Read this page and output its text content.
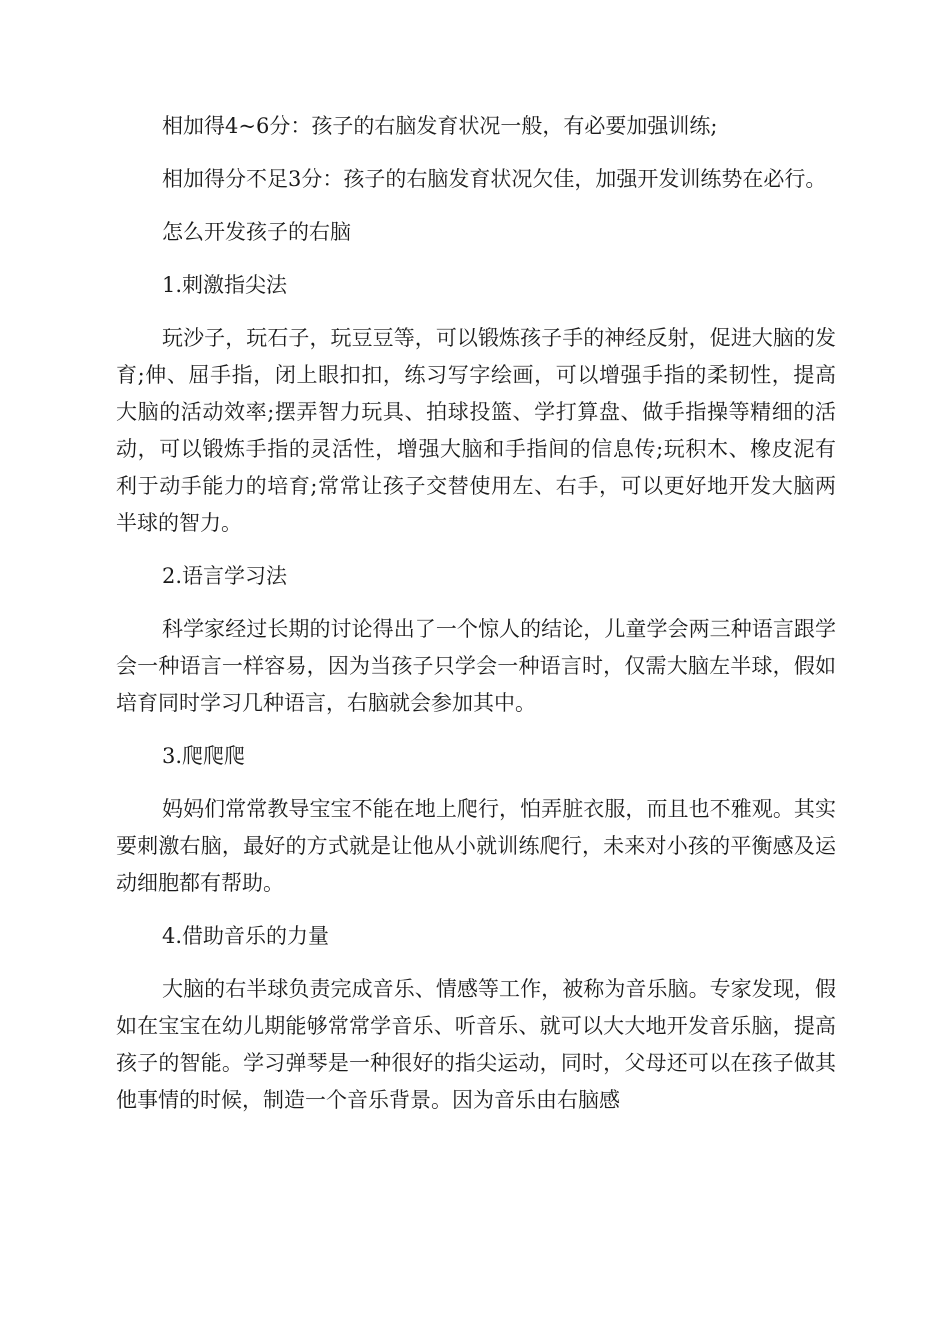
相加得4~6分：孩子的右脑发育状况一般，有必要加强训练;

相加得分不足3分：孩子的右脑发育状况欠佳，加强开发训练势在必行。

怎么开发孩子的右脑

1.刺激指尖法

玩沙子，玩石子，玩豆豆等，可以锻炼孩子手的神经反射，促进大脑的发育;伸、屈手指，闭上眼扣扣，练习写字绘画，可以增强手指的柔韧性，提高大脑的活动效率;摆弄智力玩具、拍球投篮、学打算盘、做手指操等精细的活动，可以锻炼手指的灵活性，增强大脑和手指间的信息传;玩积木、橡皮泥有利于动手能力的培育;常常让孩子交替使用左、右手，可以更好地开发大脑两半球的智力。

2.语言学习法

科学家经过长期的讨论得出了一个惊人的结论，儿童学会两三种语言跟学会一种语言一样容易，因为当孩子只学会一种语言时，仅需大脑左半球，假如培育同时学习几种语言，右脑就会参加其中。

3.爬爬爬

妈妈们常常教导宝宝不能在地上爬行，怕弄脏衣服，而且也不雅观。其实要刺激右脑，最好的方式就是让他从小就训练爬行，未来对小孩的平衡感及运动细胞都有帮助。

4.借助音乐的力量

大脑的右半球负责完成音乐、情感等工作，被称为音乐脑。专家发现，假如在宝宝在幼儿期能够常常学音乐、听音乐、就可以大大地开发音乐脑，提高孩子的智能。学习弹琴是一种很好的指尖运动，同时，父母还可以在孩子做其他事情的时候，制造一个音乐背景。因为音乐由右脑感
